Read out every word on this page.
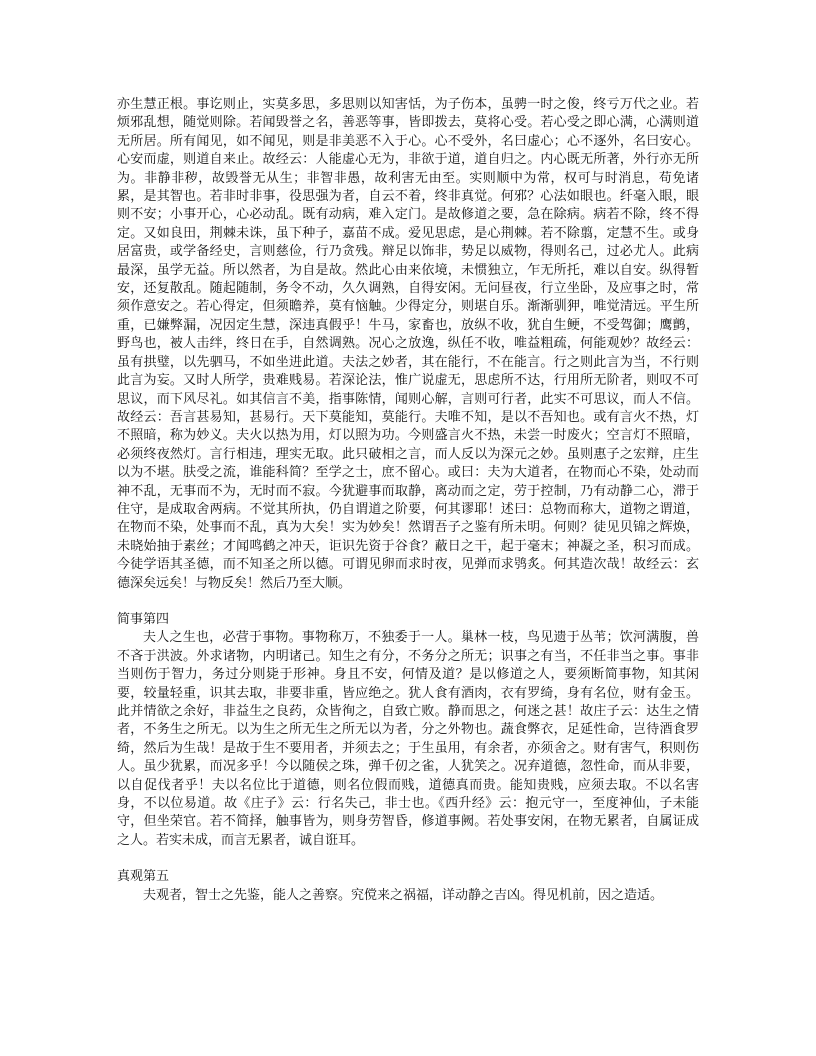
亦生慧正根。事讫则止，实莫多思，多思则以知害恬，为子伤本，虽骋一时之俊，终亏万代之业。若烦邪乱想，随觉则除。若闻毁誉之名，善恶等事，皆即拨去，莫将心受。若心受之即心满，心满则道无所居。所有闻见，如不闻见，则是非美恶不入于心。心不受外，名曰虚心；心不逐外，名曰安心。心安而虚，则道自来止。故经云：人能虚心无为，非欲于道，道自归之。内心既无所著，外行亦无所为。非静非秽，故毁誉无从生；非智非愚，故利害无由至。实则顺中为常，权可与时消息，苟免诸累，是其智也。若非时非事，役思强为者，自云不着，终非真觉。何邪？心法如眼也。纤毫入眼，眼则不安；小事开心，心必动乱。既有动病，难入定门。是故修道之要，急在除病。病若不除，终不得定。又如良田，荆棘未诛，虽下种子，嘉苗不成。爱见思虑，是心荆棘。若不除翦，定慧不生。或身居富贵，或学备经史，言则慈俭，行乃贪残。辩足以饰非，势足以威物，得则名己，过必尤人。此病最深，虽学无益。所以然者，为自是故。然此心由来依境，未惯独立，乍无所托，难以自安。纵得暂安，还复散乱。随起随制，务令不动，久久调熟，自得安闲。无问昼夜，行立坐卧，及应事之时，常须作意安之。若心得定，但须瞻养，莫有恼触。少得定分，则堪自乐。渐渐驯狎，唯觉清远。平生所重，已嫌弊漏，况因定生慧，深违真假乎！牛马，家畜也，放纵不收，犹自生鲠，不受驾御；鹰鹯，野鸟也，被人击绊，终日在手，自然调熟。况心之放逸，纵任不收，唯益粗疏，何能观妙？故经云：虽有拱璧，以先驷马，不如坐进此道。夫法之妙者，其在能行，不在能言。行之则此言为当，不行则此言为妄。又时人所学，贵难贱易。若深论法，惟广说虚无，思虑所不达，行用所无阶者，则叹不可思议，而下风尽礼。如其信言不美，指事陈情，闻则心解，言则可行者，此实不可思议，而人不信。故经云：吾言甚易知，甚易行。天下莫能知，莫能行。夫唯不知，是以不吾知也。或有言火不热，灯不照暗，称为妙义。夫火以热为用，灯以照为功。今则盛言火不热，未尝一时废火；空言灯不照暗，必须终夜然灯。言行相违，理实无取。此只破相之言，而人反以为深元之妙。虽则惠子之宏辩，庄生以为不堪。肤受之流，谁能科简？至学之士，庶不留心。或曰：夫为大道者，在物而心不染，处动而神不乱，无事而不为，无时而不寂。今犹避事而取静，离动而之定，劳于控制，乃有动静二心，滞于住守，是成取舍两病。不觉其所执，仍自谓道之阶要，何其谬耶！述曰：总物而称大，道物之谓道，在物而不染，处事而不乱，真为大矣！实为妙矣！然谓吾子之鉴有所未明。何则？徒见贝锦之辉焕，未晓始抽于素丝；才闻鸣鹤之冲天，讵识先资于谷食？蔽日之干，起于毫末；神凝之圣，积习而成。今徒学语其圣德，而不知圣之所以德。可谓见卵而求时夜，见弹而求鸮炙。何其造次哉！故经云：玄德深矣远矣！与物反矣！然后乃至大顺。

简事第四

夫人之生也，必营于事物。事物称万，不独委于一人。巢林一枝，鸟见遗于丛苇；饮河满腹，兽不吝于洪波。外求诸物，内明诸己。知生之有分，不务分之所无；识事之有当，不任非当之事。事非当则伤于智力，务过分则毙于形神。身且不安，何情及道？是以修道之人，要须断简事物，知其闲要，较量轻重，识其去取，非要非重，皆应绝之。犹人食有酒肉，衣有罗绮，身有名位，财有金玉。此并情欲之余好，非益生之良药，众皆徇之，自致亡败。静而思之，何迷之甚！故庄子云：达生之情者，不务生之所无。以为生之所无生之所无以为者，分之外物也。蔬食弊衣，足延性命，岂待酒食罗绮，然后为生哉！是故于生不要用者，并须去之；于生虽用，有余者，亦须舍之。财有害气，积则伤人。虽少犹累，而况多乎！今以随侯之珠，弹千仞之雀，人犹笑之。况弃道德，忽性命，而从非要，以自促伐者乎！夫以名位比于道德，则名位假而贱，道德真而贵。能知贵贱，应须去取。不以名害身，不以位易道。故《庄子》云：行名失己，非士也。《西升经》云：抱元守一，至度神仙，子未能守，但坐荣官。若不简择，触事皆为，则身劳智昏，修道事阙。若处事安闲，在物无累者，自属证成之人。若实未成，而言无累者，诚自诳耳。

真观第五

夫观者，智士之先鉴，能人之善察。究傥来之祸福，详动静之吉凶。得见机前，因之造适。
